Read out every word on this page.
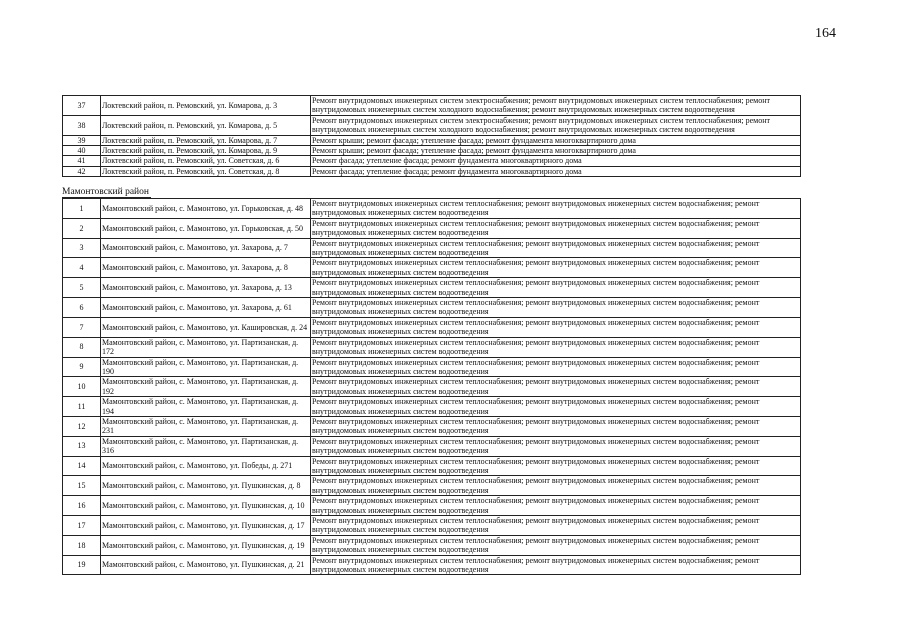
164
37	Локтевский район, п. Ремовский, ул. Комарова, д. 3	Ремонт внутридомовых инженерных систем электроснабжения; ремонт внутридомовых инженерных систем теплоснабжения; ремонт внутридомовых инженерных систем холодного водоснабжения; ремонт внутридомовых инженерных систем водоотведения
38	Локтевский район, п. Ремовский, ул. Комарова, д. 5	Ремонт внутридомовых инженерных систем электроснабжения; ремонт внутридомовых инженерных систем теплоснабжения; ремонт внутридомовых инженерных систем холодного водоснабжения; ремонт внутридомовых инженерных систем водоотведения
39	Локтевский район, п. Ремовский, ул. Комарова, д. 7	Ремонт крыши; ремонт фасада; утепление фасада; ремонт фундамента многоквартирного дома
40	Локтевский район, п. Ремовский, ул. Комарова, д. 9	Ремонт крыши; ремонт фасада; утепление фасада; ремонт фундамента многоквартирного дома
41	Локтевский район, п. Ремовский, ул. Советская, д. 6	Ремонт фасада; утепление фасада; ремонт фундамента многоквартирного дома
42	Локтевский район, п. Ремовский, ул. Советская, д. 8	Ремонт фасада; утепление фасада; ремонт фундамента многоквартирного дома
Мамонтовский район
1	Мамонтовский район, с. Мамонтово, ул. Горьковская, д. 48	Ремонт внутридомовых инженерных систем теплоснабжения; ремонт внутридомовых инженерных систем водоснабжения; ремонт внутридомовых инженерных систем водоотведения
2	Мамонтовский район, с. Мамонтово, ул. Горьковская, д. 50	Ремонт внутридомовых инженерных систем теплоснабжения; ремонт внутридомовых инженерных систем водоснабжения; ремонт внутридомовых инженерных систем водоотведения
3	Мамонтовский район, с. Мамонтово, ул. Захарова, д. 7	Ремонт внутридомовых инженерных систем теплоснабжения; ремонт внутридомовых инженерных систем водоснабжения; ремонт внутридомовых инженерных систем водоотведения
4	Мамонтовский район, с. Мамонтово, ул. Захарова, д. 8	Ремонт внутридомовых инженерных систем теплоснабжения; ремонт внутридомовых инженерных систем водоснабжения; ремонт внутридомовых инженерных систем водоотведения
5	Мамонтовский район, с. Мамонтово, ул. Захарова, д. 13	Ремонт внутридомовых инженерных систем теплоснабжения; ремонт внутридомовых инженерных систем водоснабжения; ремонт внутридомовых инженерных систем водоотведения
6	Мамонтовский район, с. Мамонтово, ул. Захарова, д. 61	Ремонт внутридомовых инженерных систем теплоснабжения; ремонт внутридомовых инженерных систем водоснабжения; ремонт внутридомовых инженерных систем водоотведения
7	Мамонтовский район, с. Мамонтово, ул. Кашировская, д. 24	Ремонт внутридомовых инженерных систем теплоснабжения; ремонт внутридомовых инженерных систем водоснабжения; ремонт внутридомовых инженерных систем водоотведения
8	Мамонтовский район, с. Мамонтово, ул. Партизанская, д. 172	Ремонт внутридомовых инженерных систем теплоснабжения; ремонт внутридомовых инженерных систем водоснабжения; ремонт внутридомовых инженерных систем водоотведения
9	Мамонтовский район, с. Мамонтово, ул. Партизанская, д. 190	Ремонт внутридомовых инженерных систем теплоснабжения; ремонт внутридомовых инженерных систем водоснабжения; ремонт внутридомовых инженерных систем водоотведения
10	Мамонтовский район, с. Мамонтово, ул. Партизанская, д. 192	Ремонт внутридомовых инженерных систем теплоснабжения; ремонт внутридомовых инженерных систем водоснабжения; ремонт внутридомовых инженерных систем водоотведения
11	Мамонтовский район, с. Мамонтово, ул. Партизанская, д. 194	Ремонт внутридомовых инженерных систем теплоснабжения; ремонт внутридомовых инженерных систем водоснабжения; ремонт внутридомовых инженерных систем водоотведения
12	Мамонтовский район, с. Мамонтово, ул. Партизанская, д. 231	Ремонт внутридомовых инженерных систем теплоснабжения; ремонт внутридомовых инженерных систем водоснабжения; ремонт внутридомовых инженерных систем водоотведения
13	Мамонтовский район, с. Мамонтово, ул. Партизанская, д. 316	Ремонт внутридомовых инженерных систем теплоснабжения; ремонт внутридомовых инженерных систем водоснабжения; ремонт внутридомовых инженерных систем водоотведения
14	Мамонтовский район, с. Мамонтово, ул. Победы, д. 271	Ремонт внутридомовых инженерных систем теплоснабжения; ремонт внутридомовых инженерных систем водоснабжения; ремонт внутридомовых инженерных систем водоотведения
15	Мамонтовский район, с. Мамонтово, ул. Пушкинская, д. 8	Ремонт внутридомовых инженерных систем теплоснабжения; ремонт внутридомовых инженерных систем водоснабжения; ремонт внутридомовых инженерных систем водоотведения
16	Мамонтовский район, с. Мамонтово, ул. Пушкинская, д. 10	Ремонт внутридомовых инженерных систем теплоснабжения; ремонт внутридомовых инженерных систем водоснабжения; ремонт внутридомовых инженерных систем водоотведения
17	Мамонтовский район, с. Мамонтово, ул. Пушкинская, д. 17	Ремонт внутридомовых инженерных систем теплоснабжения; ремонт внутридомовых инженерных систем водоснабжения; ремонт внутридомовых инженерных систем водоотведения
18	Мамонтовский район, с. Мамонтово, ул. Пушкинская, д. 19	Ремонт внутридомовых инженерных систем теплоснабжения; ремонт внутридомовых инженерных систем водоснабжения; ремонт внутридомовых инженерных систем водоотведения
19	Мамонтовский район, с. Мамонтово, ул. Пушкинская, д. 21	Ремонт внутридомовых инженерных систем теплоснабжения; ремонт внутридомовых инженерных систем водоснабжения; ремонт внутридомовых инженерных систем водоотведения
